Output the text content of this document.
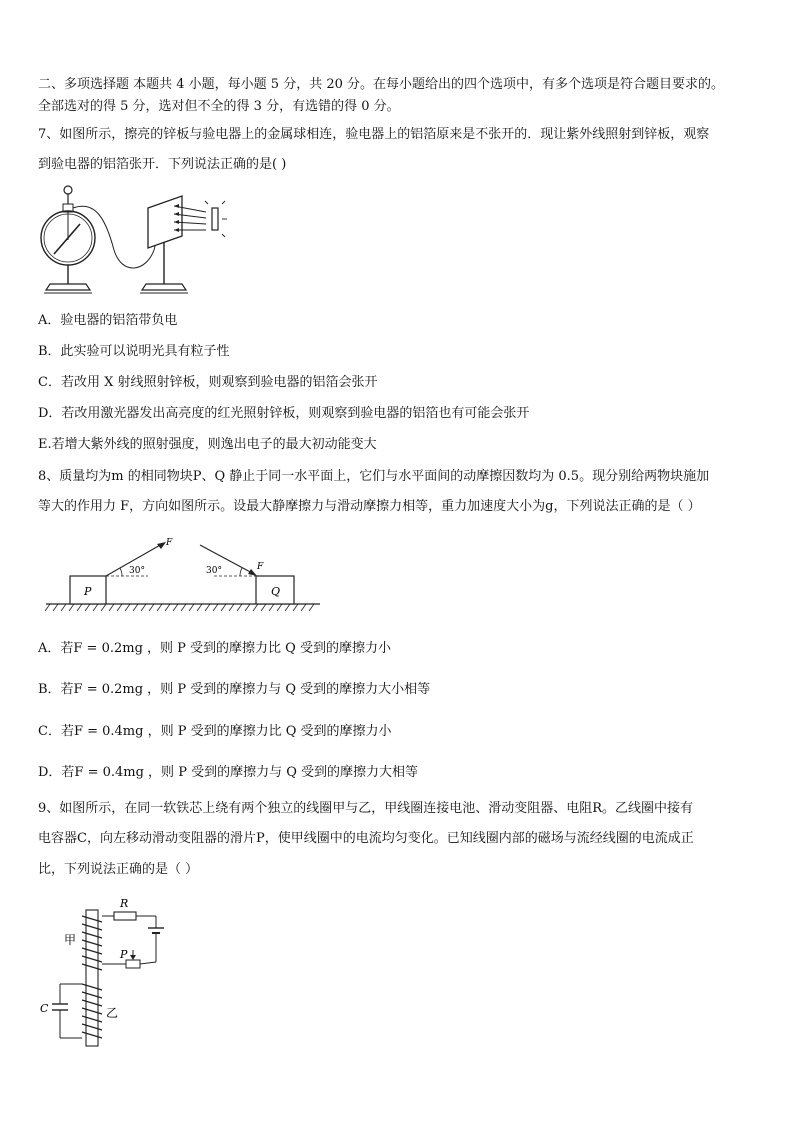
二、多项选择题 本题共 4 小题，每小题 5 分，共 20 分。在每小题给出的四个选项中，有多个选项是符合题目要求的。
全部选对的得 5 分，选对但不全的得 3 分，有选错的得 0 分。
7、如图所示，擦亮的锌板与验电器上的金属球相连，验电器上的铝箔原来是不张开的．现让紫外线照射到锌板，观察
到验电器的铝箔张开．下列说法正确的是( )
A．验电器的铝箔带负电
B．此实验可以说明光具有粒子性
C．若改用 X 射线照射锌板，则观察到验电器的铝箔会张开
D．若改用激光器发出高亮度的红光照射锌板，则观察到验电器的铝箔也有可能会张开
E.若增大紫外线的照射强度，则逸出电子的最大初动能变大
8、质量均为m 的相同物块P、Q 静止于同一水平面上，它们与水平面间的动摩擦因数均为 0.5。现分别给两物块施加
等大的作用力 F，方向如图所示。设最大静摩擦力与滑动摩擦力相等，重力加速度大小为g，下列说法正确的是（ ）
P
30°
F
Q
30°	F
A．若F = 0.2mg ，则 P 受到的摩擦力比 Q 受到的摩擦力小
B．若F = 0.2mg ，则 P 受到的摩擦力与 Q 受到的摩擦力大小相等
C．若F = 0.4mg ，则 P 受到的摩擦力比 Q 受到的摩擦力小
D．若F = 0.4mg ，则 P 受到的摩擦力与 Q 受到的摩擦力大相等
9、如图所示，在同一软铁芯上绕有两个独立的线圈甲与乙，甲线圈连接电池、滑动变阻器、电阻R。乙线圈中接有
电容器C，向左移动滑动变阻器的滑片P，使甲线圈中的电流均匀变化。已知线圈内部的磁场与流经线圈的电流成正
比，下列说法正确的是（ ）
R
P
甲
C	乙
